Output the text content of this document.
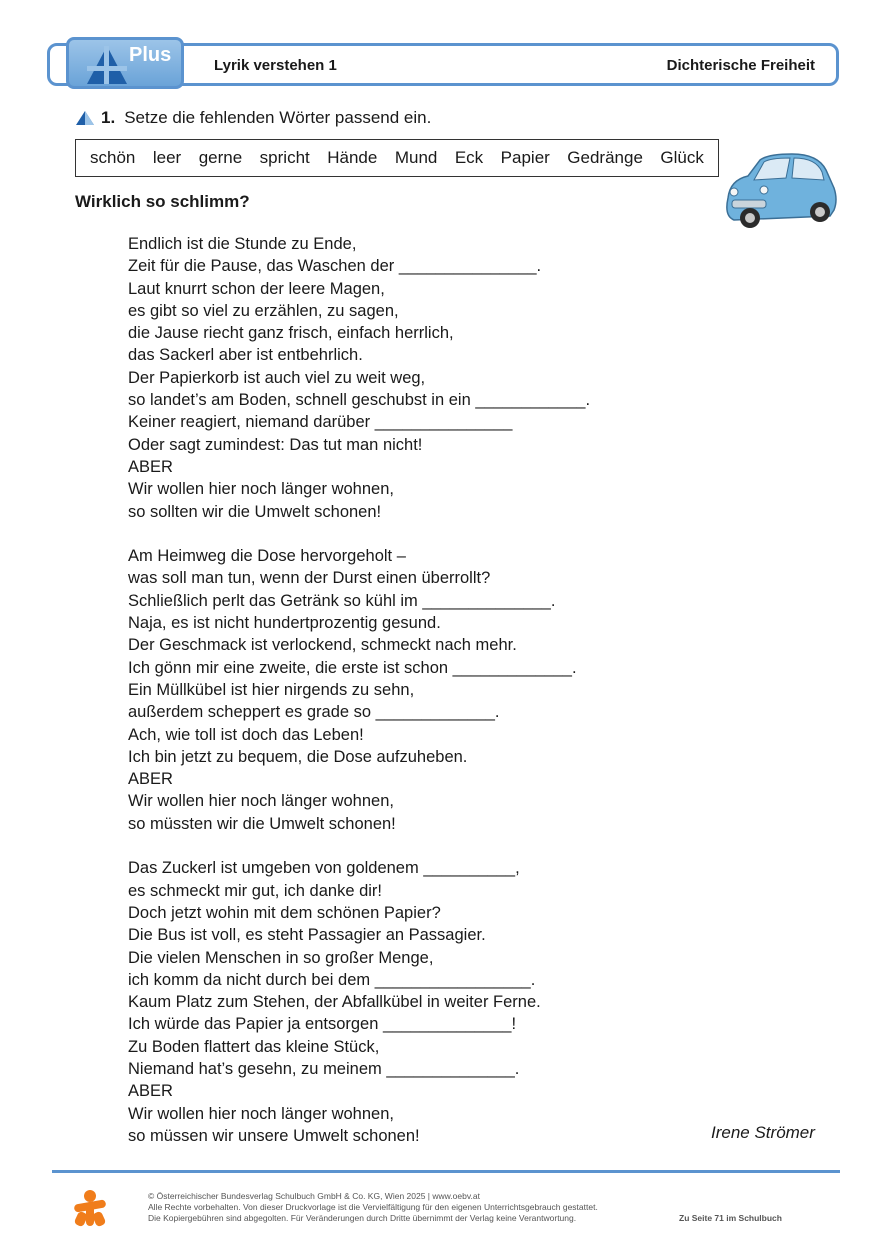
Plus	Lyrik verstehen 1	Dichterische Freiheit
1. Setze die fehlenden Wörter passend ein.
schön leer gerne spricht Hände Mund Eck Papier Gedränge Glück
Wirklich so schlimm?
Endlich ist die Stunde zu Ende,
Zeit für die Pause, das Waschen der _______________.
Laut knurrt schon der leere Magen,
es gibt so viel zu erzählen, zu sagen,
die Jause riecht ganz frisch, einfach herrlich,
das Sackerl aber ist entbehrlich.
Der Papierkorb ist auch viel zu weit weg,
so landet’s am Boden, schnell geschubst in ein ____________.
Keiner reagiert, niemand darüber _______________
Oder sagt zumindest: Das tut man nicht!
ABER
Wir wollen hier noch länger wohnen,
so sollten wir die Umwelt schonen!
Am Heimweg die Dose hervorgeholt –
was soll man tun, wenn der Durst einen überrollt?
Schließlich perlt das Getränk so kühl im ______________.
Naja, es ist nicht hundertprozentig gesund.
Der Geschmack ist verlockend, schmeckt nach mehr.
Ich gönn mir eine zweite, die erste ist schon _____________.
Ein Müllkübel ist hier nirgends zu sehn,
außerdem scheppert es grade so _____________.
Ach, wie toll ist doch das Leben!
Ich bin jetzt zu bequem, die Dose aufzuheben.
ABER
Wir wollen hier noch länger wohnen,
so müssten wir die Umwelt schonen!
Das Zuckerl ist umgeben von goldenem __________,
es schmeckt mir gut, ich danke dir!
Doch jetzt wohin mit dem schönen Papier?
Die Bus ist voll, es steht Passagier an Passagier.
Die vielen Menschen in so großer Menge,
ich komm da nicht durch bei dem _________________.
Kaum Platz zum Stehen, der Abfallkübel in weiter Ferne.
Ich würde das Papier ja entsorgen ______________!
Zu Boden flattert das kleine Stück,
Niemand hat’s gesehn, zu meinem ______________.
ABER
Wir wollen hier noch länger wohnen,
so müssen wir unsere Umwelt schonen!	Irene Strömer
© Österreichischer Bundesverlag Schulbuch GmbH & Co. KG, Wien 2025 | www.oebv.at
Alle Rechte vorbehalten. Von dieser Druckvorlage ist die Vervielfältigung für den eigenen Unterrichtsgebrauch gestattet.
Die Kopiergebühren sind abgegolten. Für Veränderungen durch Dritte übernimmt der Verlag keine Verantwortung.	Zu Seite 71 im Schulbuch
